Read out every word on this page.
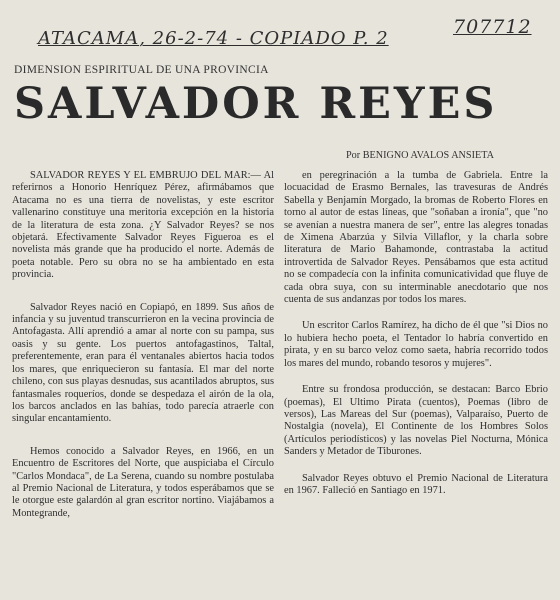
ATACAMA, 26-2-74 - COPIADO P. 2
707712
DIMENSION ESPIRITUAL DE UNA PROVINCIA
SALVADOR REYES
Por BENIGNO AVALOS ANSIETA

SALVADOR REYES Y EL EMBRUJO DEL MAR:— Al referirnos a Honorio Henríquez Pérez, afirmábamos que Atacama no es una tierra de novelistas, y este escritor vallenarino constituye una meritoria excepción en la historia de la literatura de esta zona. ¿Y Salvador Reyes? se nos objetará. Efectivamente Salvador Reyes Figueroa es el novelista más grande que ha producido el norte. Además de poeta notable. Pero su obra no se ha ambientado en esta provincia.

Salvador Reyes nació en Copiapó, en 1899. Sus años de infancia y su juventud transcurrieron en la vecina provincia de Antofagasta. Allí aprendió a amar al norte con su pampa, sus oasis y su gente. Los puertos antofagastinos, Taltal, preferentemente, eran para él ventanales abiertos hacia todos los mares, que enriquecieron su fantasía. El mar del norte chileno, con sus playas desnudas, sus acantilados abruptos, sus fantasmales roqueríos, donde se despedaza el airón de la ola, los barcos anclados en las bahías, todo parecía atraerle con singular encantamiento.

Hemos conocido a Salvador Reyes, en 1966, en un Encuentro de Escritores del Norte, que auspiciaba el Círculo "Carlos Mondaca", de La Serena, cuando su nombre postulaba al Premio Nacional de Literatura, y todos esperábamos que se le otorgue este galardón al gran escritor nortino. Viajábamos a Montegrande,

en peregrinación a la tumba de Gabriela. Entre la locuacidad de Erasmo Bernales, las travesuras de Andrés Sabella y Benjamín Morgado, la bromas de Roberto Flores en torno al autor de estas líneas, que "soñaban a ironía", que "no se avenían a nuestra manera de ser", entre las alegres tonadas de Ximena Abarzúa y Silvia Villaflor, y la charla sobre literatura de Mario Bahamonde, contrastaba la actitud introvertida de Salvador Reyes. Pensábamos que esta actitud no se compadecía con la infinita comunicatividad que fluye de cada obra suya, con su interminable anecdotario que nos cuenta de sus andanzas por todos los mares.

Un escritor Carlos Ramírez, ha dicho de él que "si Dios no lo hubiera hecho poeta, el Tentador lo habría convertido en pirata, y en su barco veloz como saeta, habría recorrido todos los mares del mundo, robando tesoros y mujeres".

Entre su frondosa producción, se destacan: Barco Ebrio (poemas), El Ultimo Pirata (cuentos), Poemas (libro de versos), Las Mareas del Sur (poemas), Valparaíso, Puerto de Nostalgia (novela), El Continente de los Hombres Solos (Artículos periodísticos) y las novelas Piel Nocturna, Mónica Sanders y Metador de Tiburones.

Salvador Reyes obtuvo el Premio Nacional de Literatura en 1967. Falleció en Santiago en 1971.
